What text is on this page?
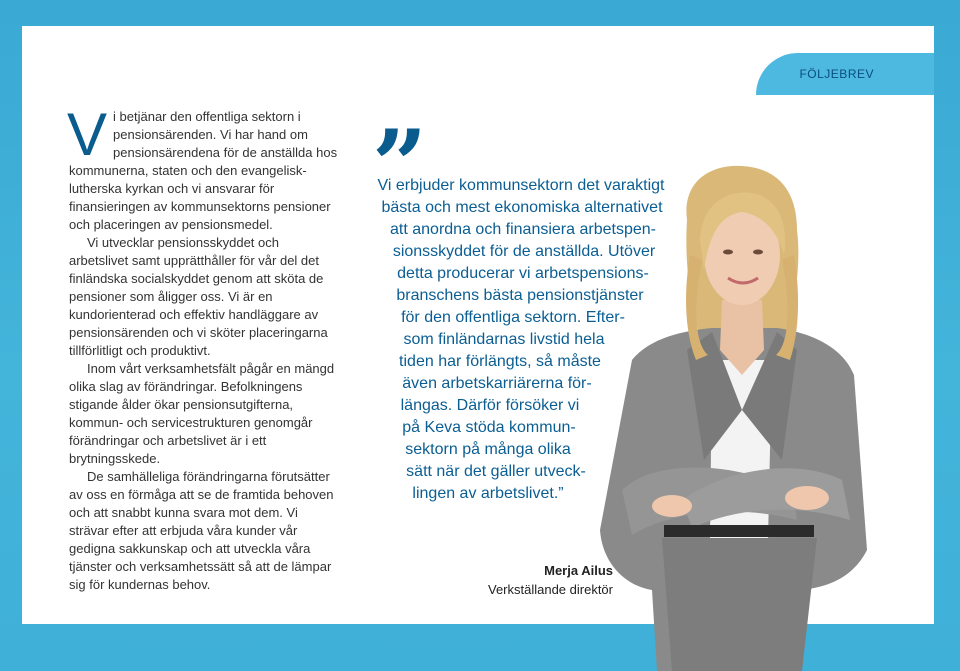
FÖLJEBREV
V i betjänar den offentliga sektorn i pensionsärenden. Vi har hand om pensionsärendena för de anställda hos kommunerna, staten och den evangelisk-lutherska kyrkan och vi ansvarar för finansieringen av kommunsektorns pensioner och placeringen av pensionsmedel.

Vi utvecklar pensionsskyddet och arbetslivet samt upprätthåller för vår del det finländska socialskyddet genom att sköta de pensioner som åligger oss. Vi är en kundorienterad och effektiv handläggare av pensionsärenden och vi sköter placeringarna tillförlitligt och produktivt.

Inom vårt verksamhetsfält pågår en mängd olika slag av förändringar. Befolkningens stigande ålder ökar pensionsutgifterna, kommun- och servicestrukturen genomgår förändringar och arbetslivet är i ett brytningsskede.

De samhälleliga förändringarna förutsätter av oss en förmåga att se de framtida behoven och att snabbt kunna svara mot dem. Vi strävar efter att erbjuda våra kunder vår gedigna sakkunskap och att utveckla våra tjänster och verksamhetssätt så att de lämpar sig för kundernas behov.

”
Vi erbjuder kommunsektorn det varaktigt
bästa och mest ekonomiska alternativet
att anordna och finansiera arbetspen-
sionsskyddet för de anställda. Utöver
detta producerar vi arbetspensions-
branschens bästa pensionstjänster
för den offentliga sektorn. Efter-
som finländarnas livstid hela
tiden har förlängts, så måste
även arbetskarriärerna för-
längas. Därför försöker vi
på Keva stöda kommun-
sektorn på många olika
sätt när det gäller utveck-
lingen av arbetslivet.”
Merja Ailus
Verkställande direktör
